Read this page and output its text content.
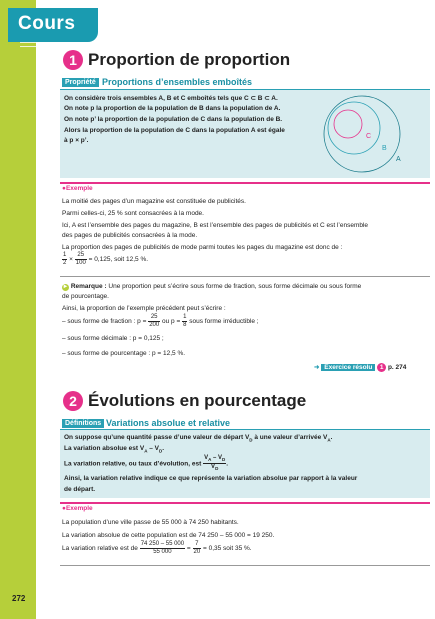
Cours
1 Proportion de proportion
Propriété Proportions d’ensembles emboîtés
On considère trois ensembles A, B et C emboîtés tels que C ⊂ B ⊂ A.
On note p la proportion de la population de B dans la population de A.
On note p’ la proportion de la population de C dans la population de B.
Alors la proportion de la population de C dans la population A est égale
à p × p’.
C
B
A
● Exemple
La moitié des pages d’un magazine est constituée de publicités.
Parmi celles-ci, 25 % sont consacrées à la mode.
Ici, A est l’ensemble des pages du magazine, B est l’ensemble des pages de publicités et C est l’ensemble
des pages de publicités consacrées à la mode.
La proportion des pages de publicités de mode parmi toutes les pages du magazine est donc de :
$\frac{1}{2} \times \frac{25}{100} = 0,125$, soit 12,5 %.
► Remarque : Une proportion peut s’écrire sous forme de fraction, sous forme décimale ou sous forme
de pourcentage.
Ainsi, la proportion de l’exemple précédent peut s’écrire :
– sous forme de fraction : $p = \frac{25}{200}$ ou $p = \frac{1}{8}$ sous forme irréductible ;
– sous forme décimale : p = 0,125 ;
– sous forme de pourcentage : p = 12,5 %.
➜ Exercice résolu 1 p. 274
2 Évolutions en pourcentage
Définitions Variations absolue et relative
On suppose qu’une quantité passe d’une valeur de départ $V_D$ à une valeur d’arrivée $V_A$.
La variation absolue est $V_A - V_D$.
La variation relative, ou taux d’évolution, est $\frac{V_A - V_D}{V_D}$ .
Ainsi, la variation relative indique ce que représente la variation absolue par rapport à la valeur
de départ.
● Exemple
La population d’une ville passe de 55 000 à 74 250 habitants.
La variation absolue de cette population est de 74 250 – 55 000 = 19 250.
La variation relative est de $\frac{74 250 - 55 000}{55 000} = \frac{7}{20} = 0,35$ soit 35 %.
272
